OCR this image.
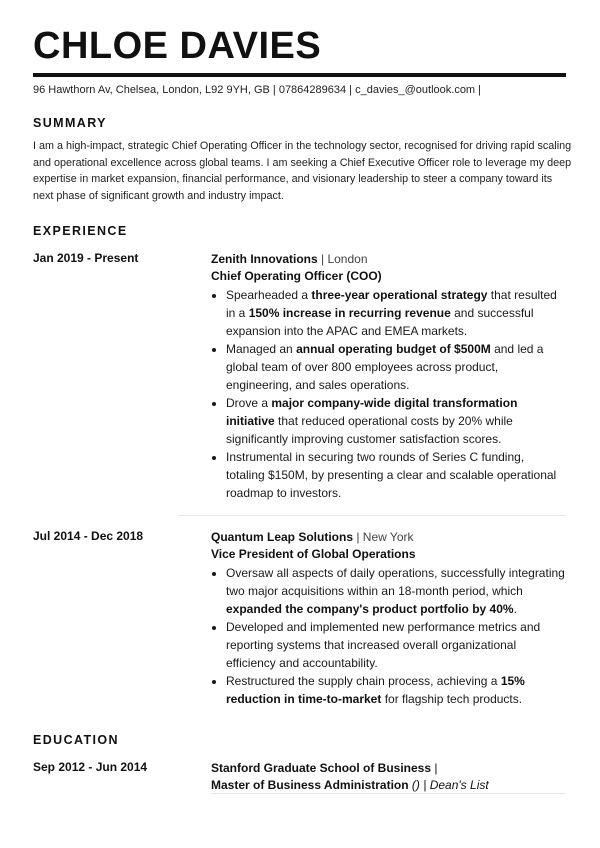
CHLOE DAVIES
96 Hawthorn Av, Chelsea, London, L92 9YH, GB | 07864289634 | c_davies_@outlook.com |
SUMMARY

I am a high-impact, strategic Chief Operating Officer in the technology sector, recognised for driving rapid scaling and operational excellence across global teams. I am seeking a Chief Executive Officer role to leverage my deep expertise in market expansion, financial performance, and visionary leadership to steer a company toward its next phase of significant growth and industry impact.

EXPERIENCE
Jan 2019 - Present	Zenith Innovations | London
Chief Operating Officer (COO)
• Spearheaded a three-year operational strategy that resulted in a 150% increase in recurring revenue and successful expansion into the APAC and EMEA markets.
• Managed an annual operating budget of $500M and led a global team of over 800 employees across product, engineering, and sales operations.
• Drove a major company-wide digital transformation initiative that reduced operational costs by 20% while significantly improving customer satisfaction scores.
• Instrumental in securing two rounds of Series C funding, totaling $150M, by presenting a clear and scalable operational roadmap to investors.
Jul 2014 - Dec 2018	Quantum Leap Solutions | New York
Vice President of Global Operations
• Oversaw all aspects of daily operations, successfully integrating two major acquisitions within an 18-month period, which expanded the company's product portfolio by 40%.
• Developed and implemented new performance metrics and reporting systems that increased overall organizational efficiency and accountability.
• Restructured the supply chain process, achieving a 15% reduction in time-to-market for flagship tech products.
EDUCATION
Sep 2012 - Jun 2014	Stanford Graduate School of Business |
Master of Business Administration () | Dean's List
